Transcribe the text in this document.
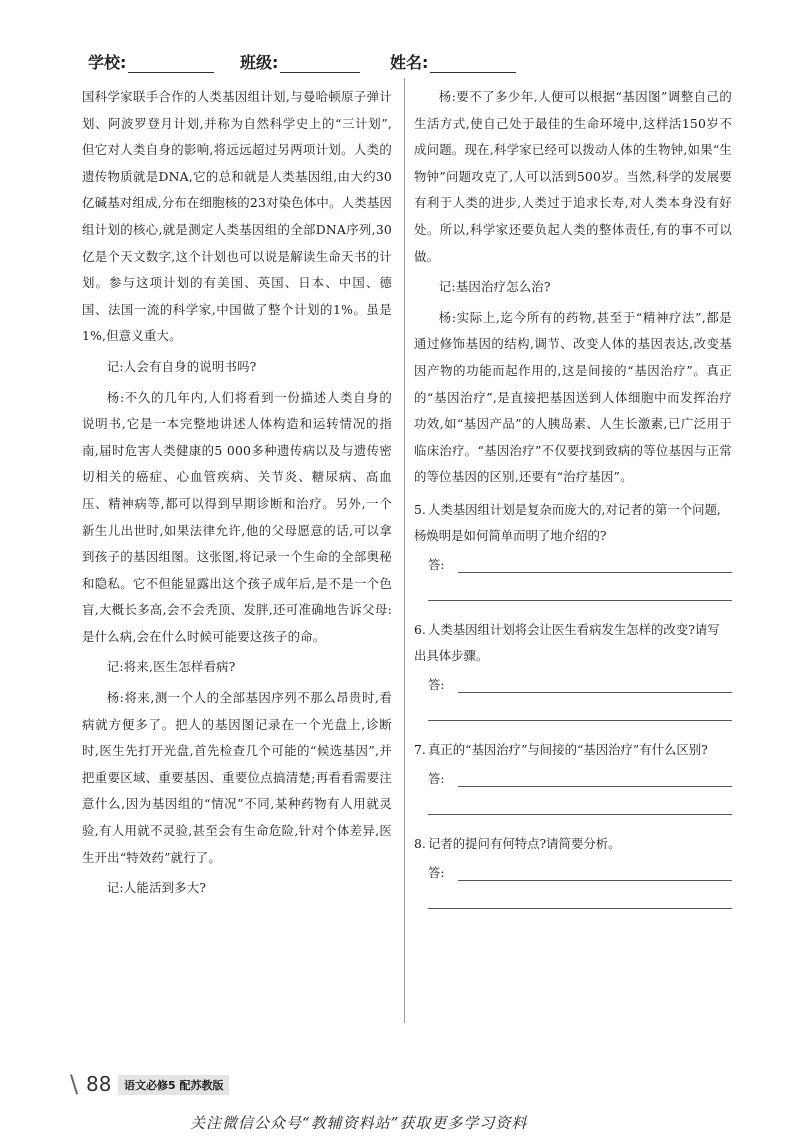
学校:	班级:	姓名:

国科学家联手合作的人类基因组计划,与曼哈顿原子弹计划、阿波罗登月计划,并称为自然科学史上的“三计划”,但它对人类自身的影响,将远远超过另两项计划。人类的遗传物质就是DNA,它的总和就是人类基因组,由大约30亿碱基对组成,分布在细胞核的23对染色体中。人类基因组计划的核心,就是测定人类基因组的全部DNA序列,30亿是个天文数字,这个计划也可以说是解读生命天书的计划。参与这项计划的有美国、英国、日本、中国、德国、法国一流的科学家,中国做了整个计划的1%。虽是1%,但意义重大。

记:人会有自身的说明书吗?

杨:不久的几年内,人们将看到一份描述人类自身的说明书,它是一本完整地讲述人体构造和运转情况的指南,届时危害人类健康的5 000多种遗传病以及与遗传密切相关的癌症、心血管疾病、关节炎、糖尿病、高血压、精神病等,都可以得到早期诊断和治疗。另外,一个新生儿出世时,如果法律允许,他的父母愿意的话,可以拿到孩子的基因组图。这张图,将记录一个生命的全部奥秘和隐私。它不但能显露出这个孩子成年后,是不是一个色盲,大概长多高,会不会秃顶、发胖,还可准确地告诉父母:是什么病,会在什么时候可能要这孩子的命。

记:将来,医生怎样看病?

杨:将来,测一个人的全部基因序列不那么昂贵时,看病就方便多了。把人的基因图记录在一个光盘上,诊断时,医生先打开光盘,首先检查几个可能的“候选基因”,并把重要区域、重要基因、重要位点搞清楚;再看看需要注意什么,因为基因组的“情况”不同,某种药物有人用就灵验,有人用就不灵验,甚至会有生命危险,针对个体差异,医生开出“特效药”就行了。

记:人能活到多大?

杨:要不了多少年,人便可以根据“基因图”调整自己的生活方式,使自己处于最佳的生命环境中,这样活150岁不成问题。现在,科学家已经可以拨动人体的生物钟,如果“生物钟”问题攻克了,人可以活到500岁。当然,科学的发展要有利于人类的进步,人类过于追求长寿,对人类本身没有好处。所以,科学家还要负起人类的整体责任,有的事不可以做。

记:基因治疗怎么治?

杨:实际上,迄今所有的药物,甚至于“精神疗法”,都是通过修饰基因的结构,调节、改变人体的基因表达,改变基因产物的功能而起作用的,这是间接的“基因治疗”。真正的“基因治疗”,是直接把基因送到人体细胞中而发挥治疗功效,如“基因产品”的人胰岛素、人生长激素,已广泛用于临床治疗。“基因治疗”不仅要找到致病的等位基因与正常的等位基因的区别,还要有“治疗基因”。

5. 人类基因组计划是复杂而庞大的,对记者的第一个问题,杨焕明是如何简单而明了地介绍的?

答:

6. 人类基因组计划将会让医生看病发生怎样的改变?请写出具体步骤。

答:

7. 真正的“基因治疗”与间接的“基因治疗”有什么区别?

答:

8. 记者的提问有何特点?请简要分析。

答:
\ 88	语文必修5 配苏教版
关注微信公众号“教辅资料站”获取更多学习资料
